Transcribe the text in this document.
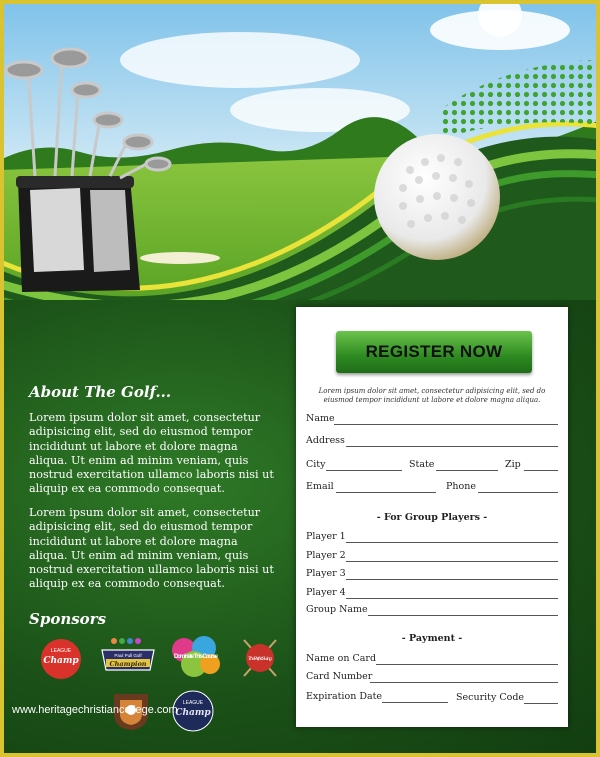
About The Golf...

Lorem ipsum dolor sit amet, consectetur adipisicing elit, sed do eiusmod tempor incididunt ut labore et dolore magna aliqua. Ut enim ad minim veniam, quis nostrud exercitation ullamco laboris nisi ut aliquip ex ea commodo consequat.

Lorem ipsum dolor sit amet, consectetur adipisicing elit, sed do eiusmod tempor incididunt ut labore et dolore magna aliqua. Ut enim ad minim veniam, quis nostrud exercitation ullamco laboris nisi ut aliquip ex ea commodo consequat.

Sponsors
LEAGUE
Champ
Paul Pull Golf
Champion
Dominate This Course	The Perfect Swing
LEAGUE
Champ
REGISTER NOW
Lorem ipsum dolor sit amet, consectetur adipisicing elit, sed do eiusmod tempor incididunt ut labore et dolore magna aliqua.
Name
Address
City	State	Zip
Email	Phone
- For Group Players -
Player 1
Player 2
Player 3
Player 4
Group Name
- Payment -
Name on Card
Card Number
Expiration Date	Security Code
www.heritagechristiancollege.com
